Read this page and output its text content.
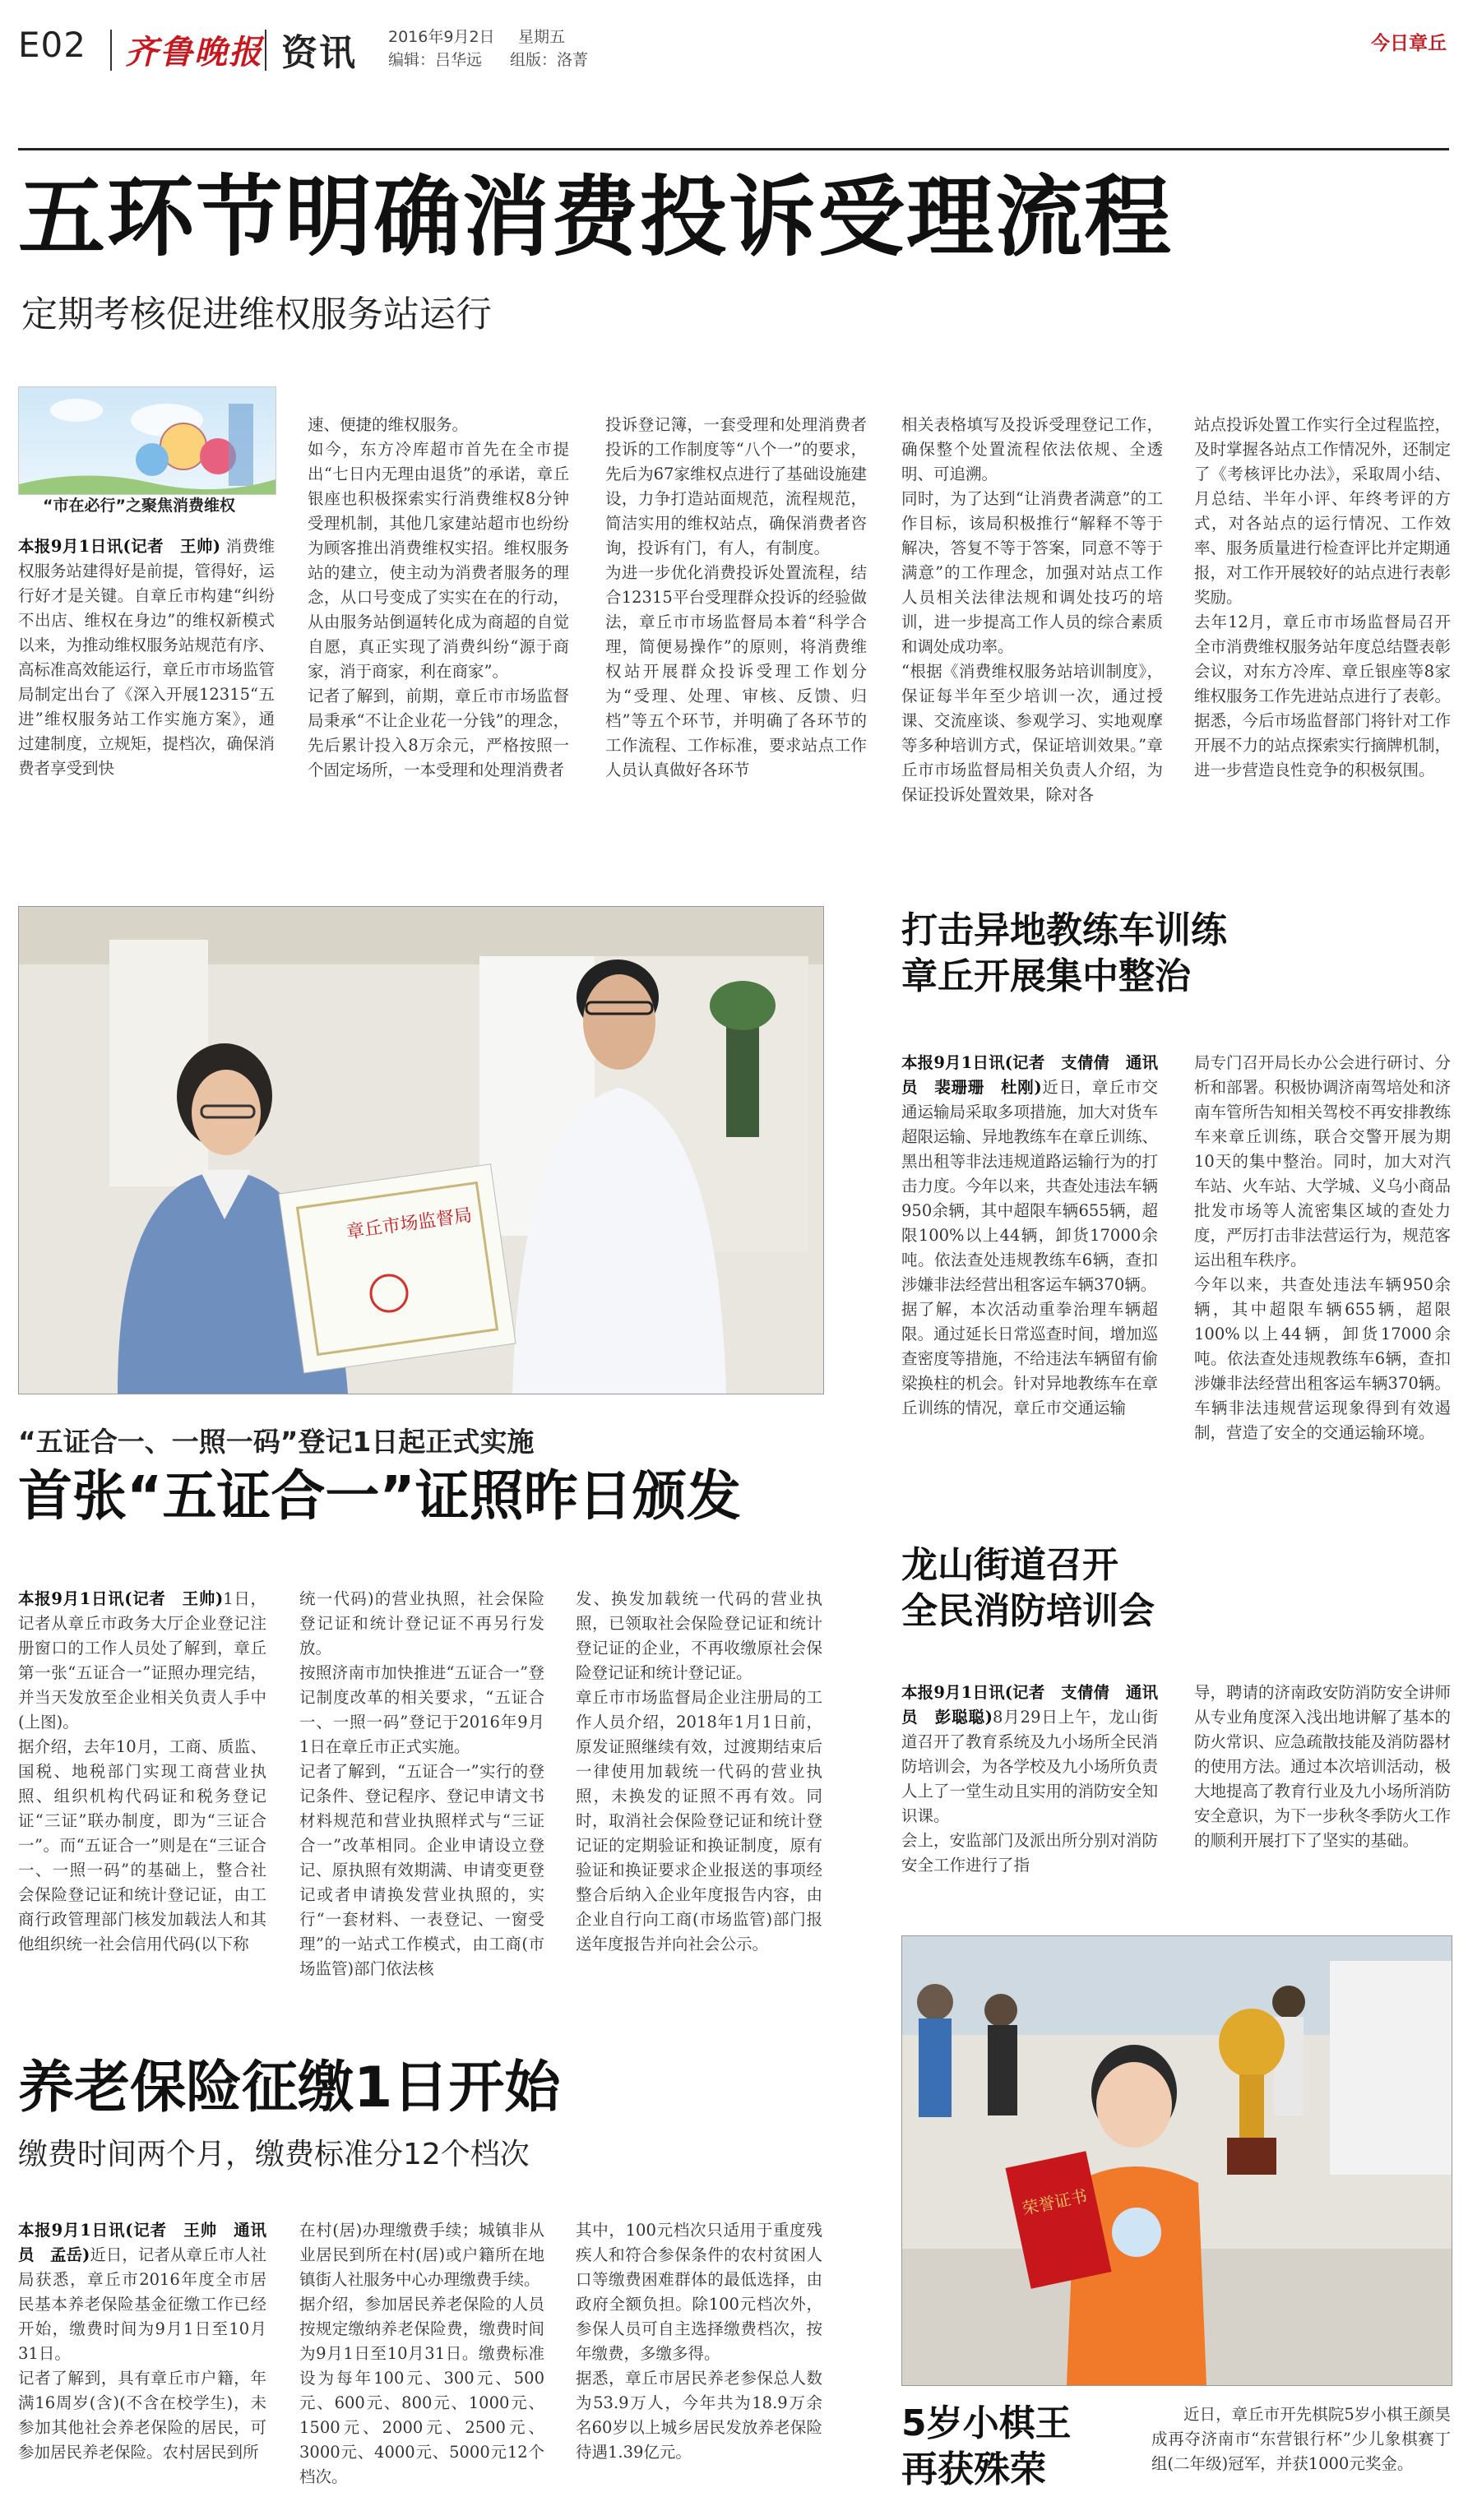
E02 齐鲁晚报 资讯 2016年9月2日 星期五
编辑：吕华远 组版：洛菁
今日章丘
五环节明确消费投诉受理流程
定期考核促进维权服务站运行
“市在必行”之聚焦消费维权

本报9月1日讯(记者　王帅) 消费维权服务站建得好是前提，管得好，运行好才是关键。自章丘市构建“纠纷不出店、维权在身边”的维权新模式以来，为推动维权服务站规范有序、高标准高效能运行，章丘市市场监管局制定出台了《深入开展12315“五进”维权服务站工作实施方案》，通过建制度，立规矩，提档次，确保消费者享受到快

速、便捷的维权服务。
如今，东方冷库超市首先在全市提出“七日内无理由退货”的承诺，章丘银座也积极探索实行消费维权8分钟受理机制，其他几家建站超市也纷纷为顾客推出消费维权实招。维权服务站的建立，使主动为消费者服务的理念，从口号变成了实实在在的行动，从由服务站倒逼转化成为商超的自觉自愿，真正实现了消费纠纷“源于商家，消于商家，利在商家”。
记者了解到，前期，章丘市市场监督局秉承“不让企业花一分钱”的理念，先后累计投入8万余元，严格按照一个固定场所，一本受理和处理消费者

投诉登记簿，一套受理和处理消费者投诉的工作制度等“八个一”的要求，先后为67家维权点进行了基础设施建设，力争打造站面规范，流程规范，简洁实用的维权站点，确保消费者咨询，投诉有门，有人，有制度。
为进一步优化消费投诉处置流程，结合12315平台受理群众投诉的经验做法，章丘市市场监督局本着“科学合理，简便易操作”的原则，将消费维权站开展群众投诉受理工作划分为“受理、处理、审核、反馈、归档”等五个环节，并明确了各环节的工作流程、工作标准，要求站点工作人员认真做好各环节

相关表格填写及投诉受理登记工作，确保整个处置流程依法依规、全透明、可追溯。
同时，为了达到“让消费者满意”的工作目标，该局积极推行“解释不等于解决，答复不等于答案，同意不等于满意”的工作理念，加强对站点工作人员相关法律法规和调处技巧的培训，进一步提高工作人员的综合素质和调处成功率。
“根据《消费维权服务站培训制度》，保证每半年至少培训一次，通过授课、交流座谈、参观学习、实地观摩等多种培训方式，保证培训效果。”章丘市市场监督局相关负责人介绍，为保证投诉处置效果，除对各

站点投诉处置工作实行全过程监控，及时掌握各站点工作情况外，还制定了《考核评比办法》，采取周小结、月总结、半年小评、年终考评的方式，对各站点的运行情况、工作效率、服务质量进行检查评比并定期通报，对工作开展较好的站点进行表彰奖励。
去年12月，章丘市市场监督局召开全市消费维权服务站年度总结暨表彰会议，对东方冷库、章丘银座等8家维权服务工作先进站点进行了表彰。据悉，今后市场监督部门将针对工作开展不力的站点探索实行摘牌机制，进一步营造良性竞争的积极氛围。

章丘市场监督局
“五证合一、一照一码”登记1日起正式实施
首张“五证合一”证照昨日颁发

本报9月1日讯(记者　王帅)1日，记者从章丘市政务大厅企业登记注册窗口的工作人员处了解到，章丘第一张“五证合一”证照办理完结，并当天发放至企业相关负责人手中(上图)。
据介绍，去年10月，工商、质监、国税、地税部门实现工商营业执照、组织机构代码证和税务登记证“三证”联办制度，即为“三证合一”。而“五证合一”则是在“三证合一、一照一码”的基础上，整合社会保险登记证和统计登记证，由工商行政管理部门核发加载法人和其他组织统一社会信用代码(以下称

统一代码)的营业执照，社会保险登记证和统计登记证不再另行发放。
按照济南市加快推进“五证合一”登记制度改革的相关要求，“五证合一、一照一码”登记于2016年9月1日在章丘市正式实施。
记者了解到，“五证合一”实行的登记条件、登记程序、登记申请文书材料规范和营业执照样式与“三证合一”改革相同。企业申请设立登记、原执照有效期满、申请变更登记或者申请换发营业执照的，实行“一套材料、一表登记、一窗受理”的一站式工作模式，由工商(市场监管)部门依法核

发、换发加载统一代码的营业执照，已领取社会保险登记证和统计登记证的企业，不再收缴原社会保险登记证和统计登记证。
章丘市市场监督局企业注册局的工作人员介绍，2018年1月1日前，原发证照继续有效，过渡期结束后一律使用加载统一代码的营业执照，未换发的证照不再有效。同时，取消社会保险登记证和统计登记证的定期验证和换证制度，原有验证和换证要求企业报送的事项经整合后纳入企业年度报告内容，由企业自行向工商(市场监管)部门报送年度报告并向社会公示。

打击异地教练车训练
章丘开展集中整治

本报9月1日讯(记者　支倩倩　通讯员　裴珊珊　杜刚)近日，章丘市交通运输局采取多项措施，加大对货车超限运输、异地教练车在章丘训练、黑出租等非法违规道路运输行为的打击力度。今年以来，共查处违法车辆950余辆，其中超限车辆655辆，超限100%以上44辆，卸货17000余吨。依法查处违规教练车6辆，查扣涉嫌非法经营出租客运车辆370辆。
据了解，本次活动重拳治理车辆超限。通过延长日常巡查时间，增加巡查密度等措施，不给违法车辆留有偷梁换柱的机会。针对异地教练车在章丘训练的情况，章丘市交通运输

局专门召开局长办公会进行研讨、分析和部署。积极协调济南驾培处和济南车管所告知相关驾校不再安排教练车来章丘训练，联合交警开展为期10天的集中整治。同时，加大对汽车站、火车站、大学城、义乌小商品批发市场等人流密集区域的查处力度，严厉打击非法营运行为，规范客运出租车秩序。
今年以来，共查处违法车辆950余辆，其中超限车辆655辆，超限100%以上44辆，卸货17000余吨。依法查处违规教练车6辆，查扣涉嫌非法经营出租客运车辆370辆。车辆非法违规营运现象得到有效遏制，营造了安全的交通运输环境。

龙山街道召开
全民消防培训会

本报9月1日讯(记者　支倩倩　通讯员　彭聪聪)8月29日上午，龙山街道召开了教育系统及九小场所全民消防培训会，为各学校及九小场所负责人上了一堂生动且实用的消防安全知识课。
会上，安监部门及派出所分别对消防安全工作进行了指

导，聘请的济南政安防消防安全讲师从专业角度深入浅出地讲解了基本的防火常识、应急疏散技能及消防器材的使用方法。通过本次培训活动，极大地提高了教育行业及九小场所消防安全意识，为下一步秋冬季防火工作的顺利开展打下了坚实的基础。

荣誉证书
5岁小棋王
再获殊荣

近日，章丘市开先棋院5岁小棋王颜昊成再夺济南市“东营银行杯”少儿象棋赛丁组(二年级)冠军，并获1000元奖金。

养老保险征缴1日开始
缴费时间两个月，缴费标准分12个档次

本报9月1日讯(记者　王帅　通讯员　孟岳)近日，记者从章丘市人社局获悉，章丘市2016年度全市居民基本养老保险基金征缴工作已经开始，缴费时间为9月1日至10月31日。
记者了解到，具有章丘市户籍，年满16周岁(含)(不含在校学生)，未参加其他社会养老保险的居民，可参加居民养老保险。农村居民到所

在村(居)办理缴费手续；城镇非从业居民到所在村(居)或户籍所在地镇街人社服务中心办理缴费手续。
据介绍，参加居民养老保险的人员按规定缴纳养老保险费，缴费时间为9月1日至10月31日。缴费标准设为每年100元、300元、500元、600元、800元、1000元、1500元、2000元、2500元、3000元、4000元、5000元12个档次。

其中，100元档次只适用于重度残疾人和符合参保条件的农村贫困人口等缴费困难群体的最低选择，由政府全额负担。除100元档次外，参保人员可自主选择缴费档次，按年缴费，多缴多得。
据悉，章丘市居民养老参保总人数为53.9万人，今年共为18.9万余名60岁以上城乡居民发放养老保险待遇1.39亿元。
